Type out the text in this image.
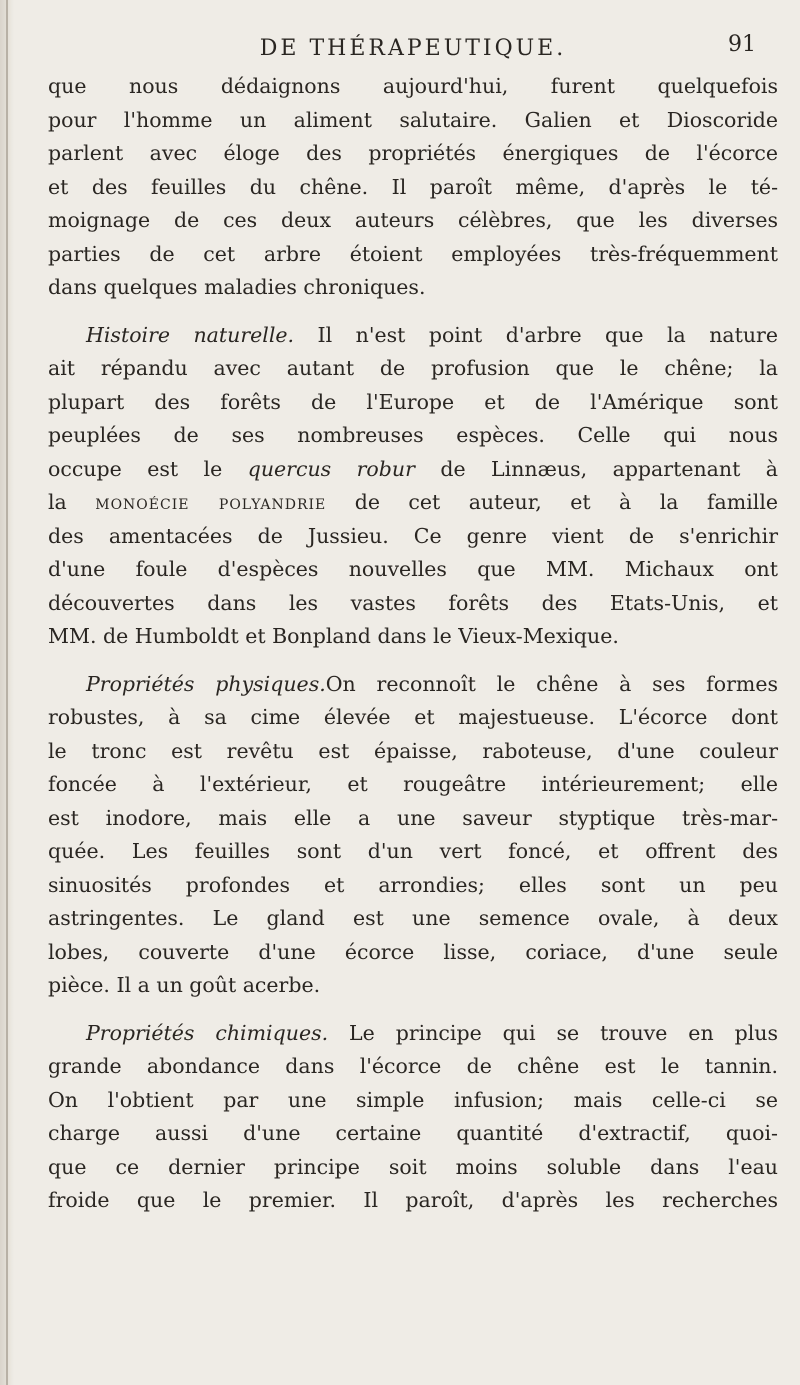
DE THÉRAPEUTIQUE.	91
que nous dédaignons aujourd'hui, furent quelquefois
pour l'homme un aliment salutaire. Galien et Dioscoride
parlent avec éloge des propriétés énergiques de l'écorce
et des feuilles du chêne. Il paroît même, d'après le té-
moignage de ces deux auteurs célèbres, que les diverses
parties de cet arbre étoient employées très-fréquemment
dans quelques maladies chroniques.
Histoire naturelle. Il n'est point d'arbre que la nature
ait répandu avec autant de profusion que le chêne; la
plupart des forêts de l'Europe et de l'Amérique sont
peuplées de ses nombreuses espèces. Celle qui nous
occupe est le quercus robur de Linnæus, appartenant à
la monoécie polyandrie de cet auteur, et à la famille
des amentacées de Jussieu. Ce genre vient de s'enrichir
d'une foule d'espèces nouvelles que MM. Michaux ont
découvertes dans les vastes forêts des Etats-Unis, et
MM. de Humboldt et Bonpland dans le Vieux-Mexique.
Propriétés physiques.On reconnoît le chêne à ses formes
robustes, à sa cime élevée et majestueuse. L'écorce dont
le tronc est revêtu est épaisse, raboteuse, d'une couleur
foncée à l'extérieur, et rougeâtre intérieurement; elle
est inodore, mais elle a une saveur styptique très-mar-
quée. Les feuilles sont d'un vert foncé, et offrent des
sinuosités profondes et arrondies; elles sont un peu
astringentes. Le gland est une semence ovale, à deux
lobes, couverte d'une écorce lisse, coriace, d'une seule
pièce. Il a un goût acerbe.
Propriétés chimiques. Le principe qui se trouve en plus
grande abondance dans l'écorce de chêne est le tannin.
On l'obtient par une simple infusion; mais celle-ci se
charge aussi d'une certaine quantité d'extractif, quoi-
que ce dernier principe soit moins soluble dans l'eau
froide que le premier. Il paroît, d'après les recherches
